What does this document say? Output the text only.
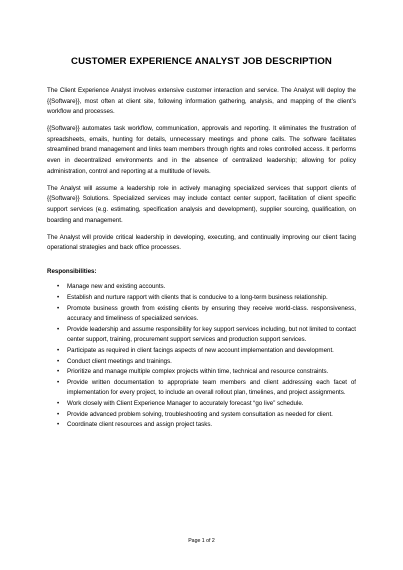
CUSTOMER EXPERIENCE ANALYST JOB DESCRIPTION

The Client Experience Analyst involves extensive customer interaction and service. The Analyst will deploy the {{Software}}, most often at client site, following information gathering, analysis, and mapping of the client’s workflow and processes.

{{Software}} automates task workflow, communication, approvals and reporting. It eliminates the frustration of spreadsheets, emails, hunting for details, unnecessary meetings and phone calls. The software facilitates streamlined brand management and links team members through rights and roles controlled access. It performs even in decentralized environments and in the absence of centralized leadership; allowing for policy administration, control and reporting at a multitude of levels.

The Analyst will assume a leadership role in actively managing specialized services that support clients of {{Software}} Solutions. Specialized services may include contact center support, facilitation of client specific support services (e.g. estimating, specification analysis and development), supplier sourcing, qualification, on boarding and management.

The Analyst will provide critical leadership in developing, executing, and continually improving our client facing operational strategies and back office processes.

Responsibilities:
• Manage new and existing accounts.
• Establish and nurture rapport with clients that is conducive to a long-term business relationship.
• Promote business growth from existing clients by ensuring they receive world-class. responsiveness, accuracy and timeliness of specialized services.
• Provide leadership and assume responsibility for key support services including, but not limited to contact center support, training, procurement support services and production support services.
• Participate as required in client facings aspects of new account implementation and development.
• Conduct client meetings and trainings.
• Prioritize and manage multiple complex projects within time, technical and resource constraints.
• Provide written documentation to appropriate team members and client addressing each facet of implementation for every project, to include an overall rollout plan, timelines, and project assignments.
• Work closely with Client Experience Manager to accurately forecast “go live” schedule.
• Provide advanced problem solving, troubleshooting and system consultation as needed for client.
• Coordinate client resources and assign project tasks.
Page 1 of 2
